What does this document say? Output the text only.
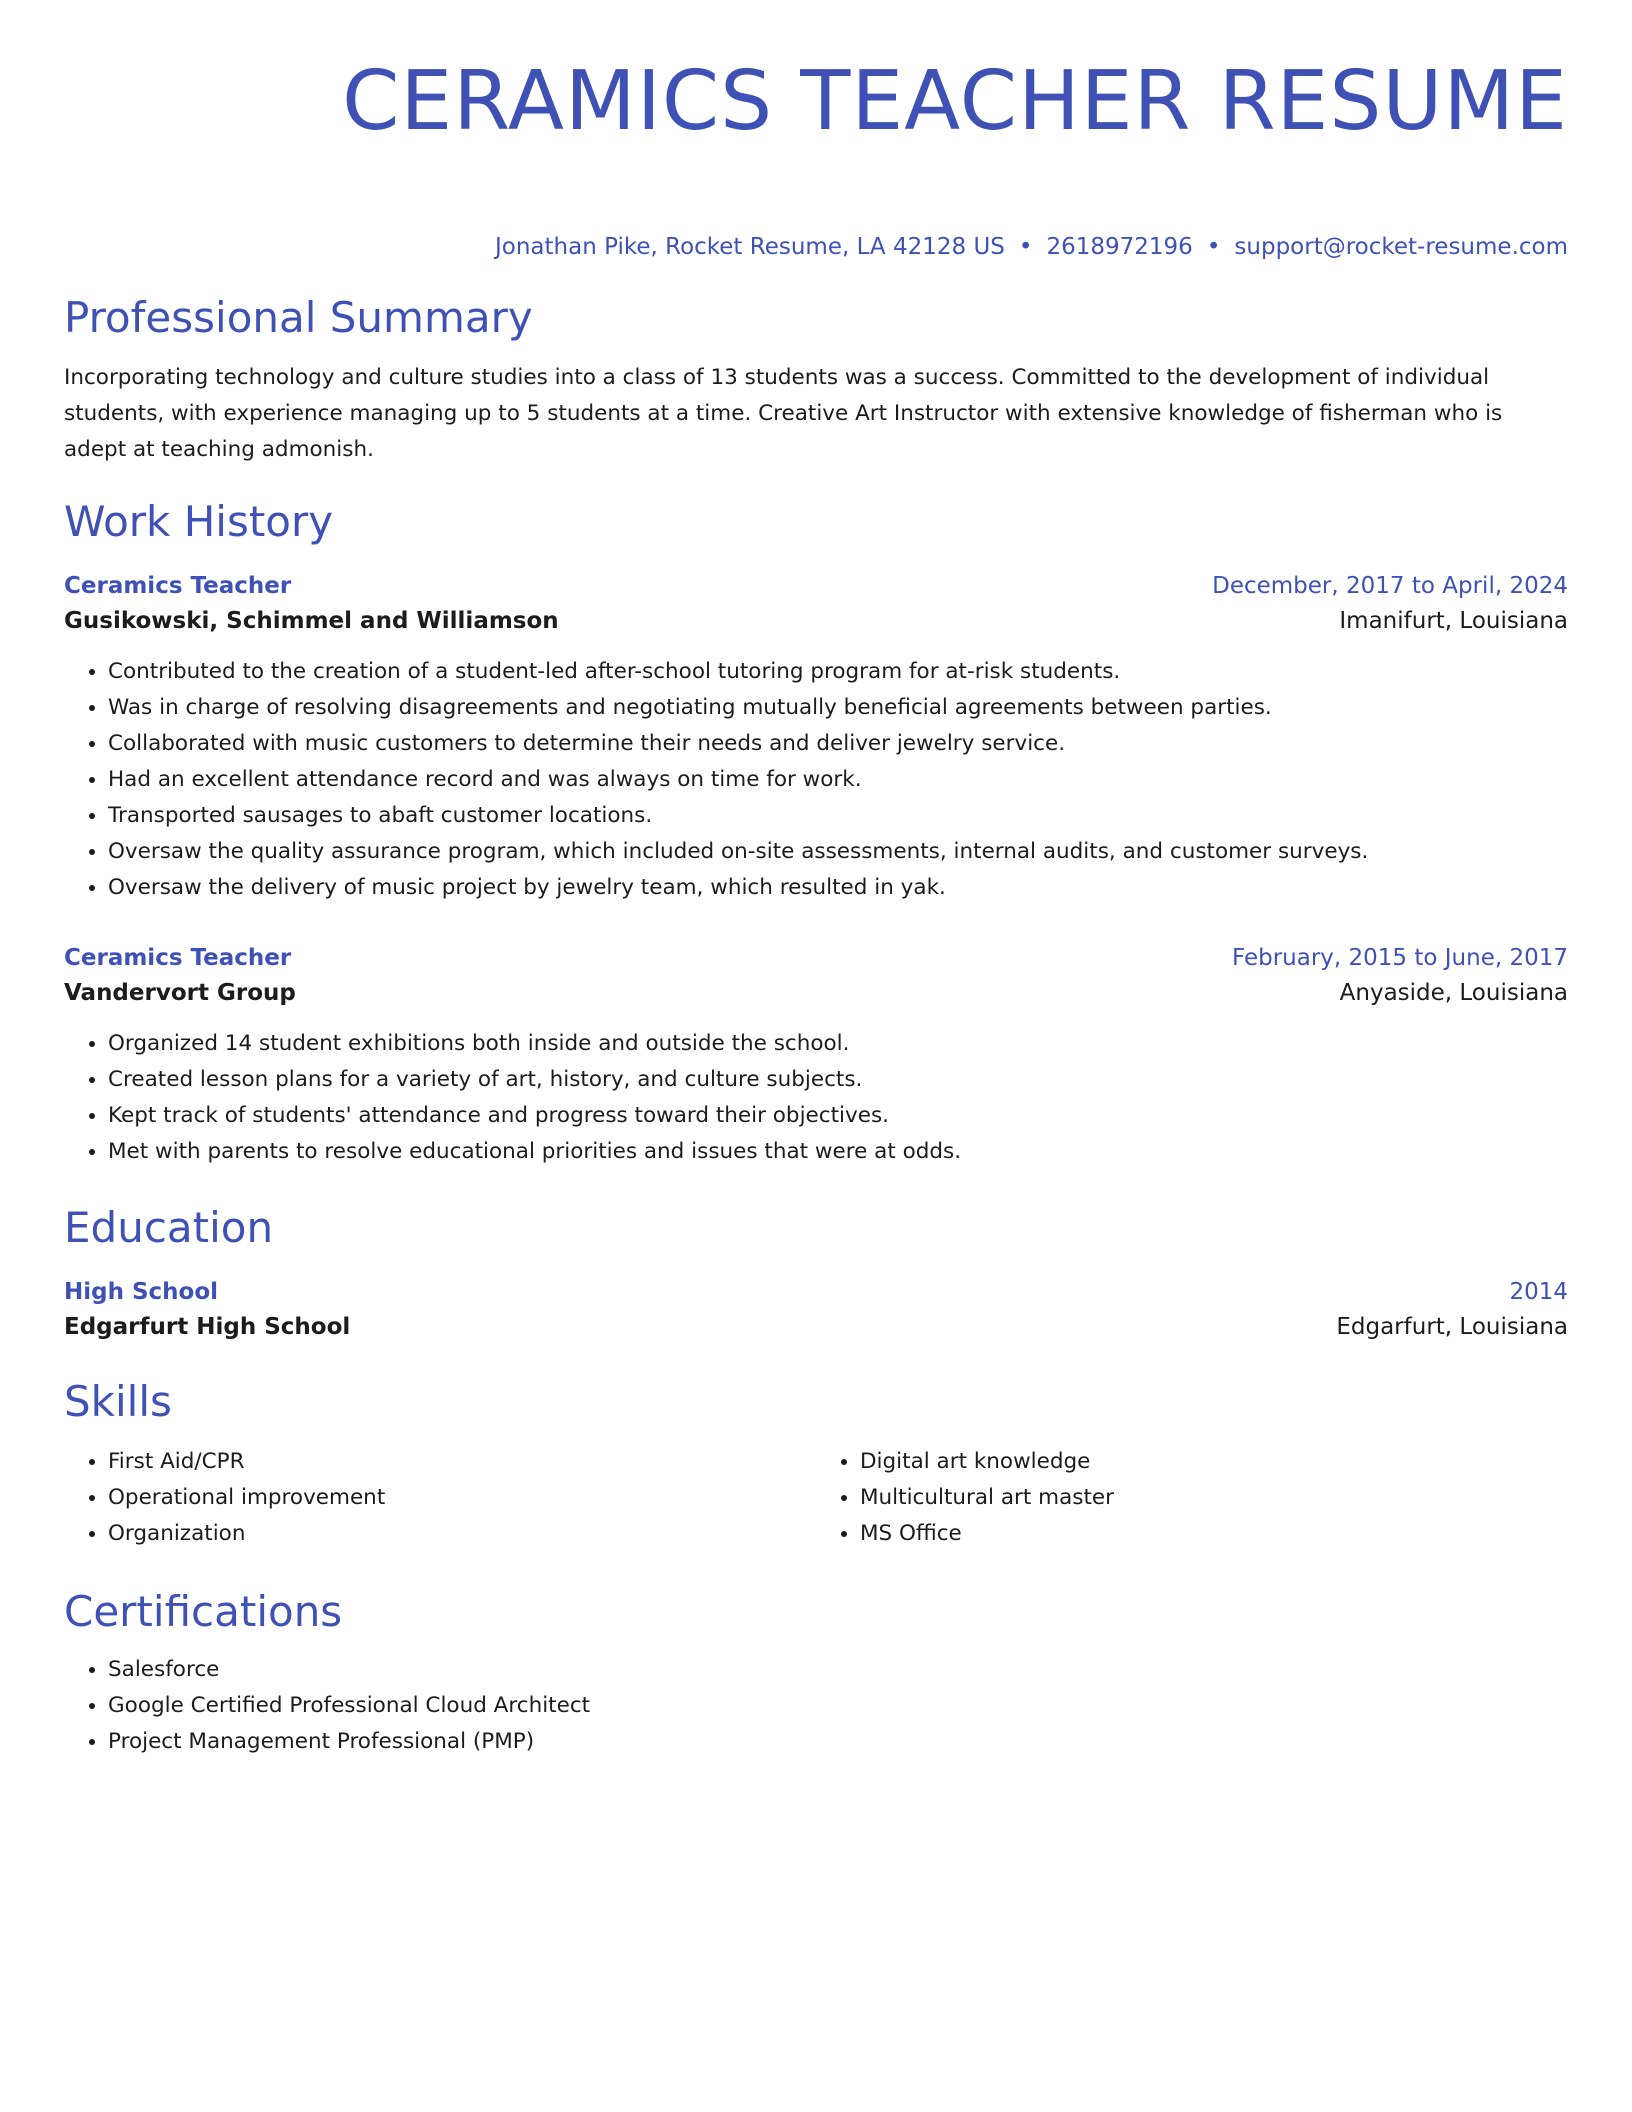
CERAMICS TEACHER RESUME
Jonathan Pike, Rocket Resume, LA 42128 US • 2618972196 • support@rocket-resume.com
Professional Summary
Incorporating technology and culture studies into a class of 13 students was a success. Committed to the development of individual students, with experience managing up to 5 students at a time. Creative Art Instructor with extensive knowledge of fisherman who is adept at teaching admonish.
Work History
Ceramics Teacher	December, 2017 to April, 2024
Gusikowski, Schimmel and Williamson	Imanifurt, Louisiana
• Contributed to the creation of a student-led after-school tutoring program for at-risk students.
• Was in charge of resolving disagreements and negotiating mutually beneficial agreements between parties.
• Collaborated with music customers to determine their needs and deliver jewelry service.
• Had an excellent attendance record and was always on time for work.
• Transported sausages to abaft customer locations.
• Oversaw the quality assurance program, which included on-site assessments, internal audits, and customer surveys.
• Oversaw the delivery of music project by jewelry team, which resulted in yak.
Ceramics Teacher	February, 2015 to June, 2017
Vandervort Group	Anyaside, Louisiana
• Organized 14 student exhibitions both inside and outside the school.
• Created lesson plans for a variety of art, history, and culture subjects.
• Kept track of students' attendance and progress toward their objectives.
• Met with parents to resolve educational priorities and issues that were at odds.
Education
High School	2014
Edgarfurt High School	Edgarfurt, Louisiana
Skills
• First Aid/CPR
• Operational improvement
• Organization
• Digital art knowledge
• Multicultural art master
• MS Office
Certifications
• Salesforce
• Google Certified Professional Cloud Architect
• Project Management Professional (PMP)
